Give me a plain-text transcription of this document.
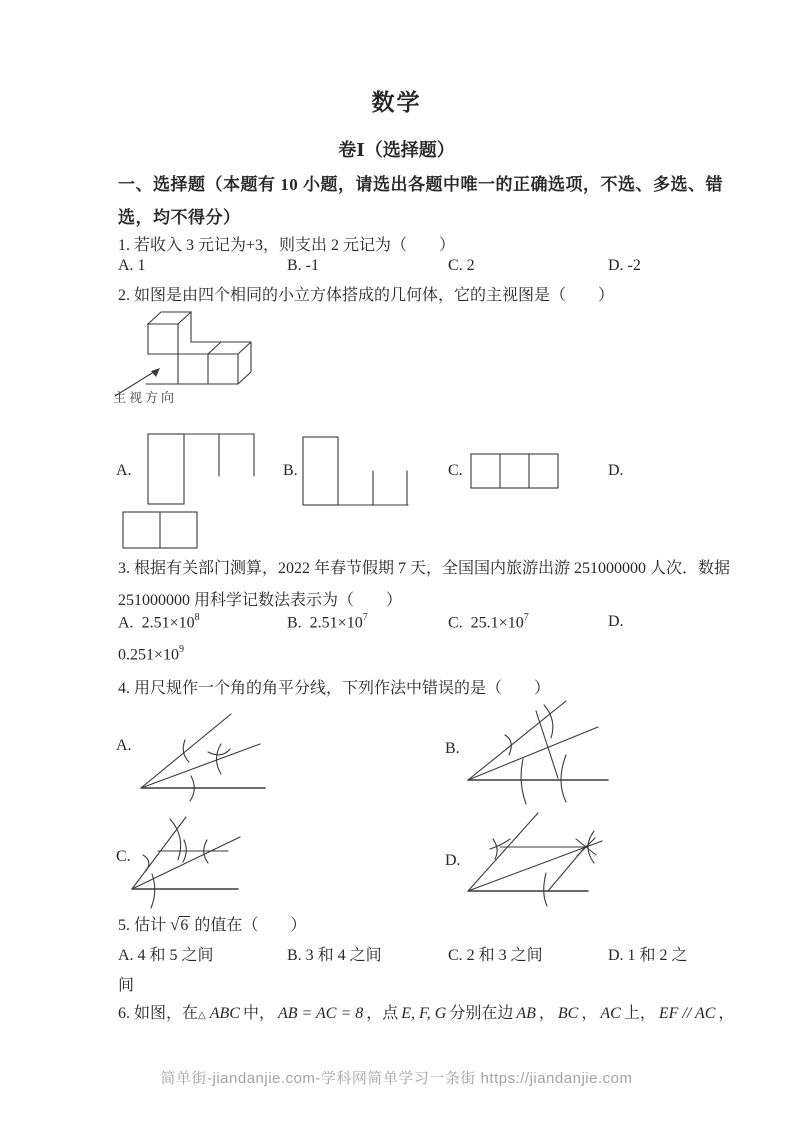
数学
卷Ⅰ（选择题）
一、选择题（本题有 10 小题，请选出各题中唯一的正确选项，不选、多选、错
选，均不得分）
1. 若收入 3 元记为+3，则支出 2 元记为（　　）
A. 1	B. -1	C. 2	D. -2
2. 如图是由四个相同的小立方体搭成的几何体，它的主视图是（　　）
主视方向
A.	B.	C.	D.
3. 根据有关部门测算，2022 年春节假期 7 天，全国国内旅游出游 251000000 人次．数据
251000000 用科学记数法表示为（　　）
A. $2.51\times 10^8$	B. $2.51\times 10^7$	C. $25.1\times 10^7$	D.
$0.251\times 10^9$
4. 用尺规作一个角的角平分线，下列作法中错误的是（　　）
A.	B.
C.	D.
5. 估计 √6 的值在（　　）
A. 4 和 5 之间	B. 3 和 4 之间	C. 2 和 3 之间	D. 1 和 2 之
间
6. 如图，在△ ABC 中， AB = AC = 8 ，点 E, F, G 分别在边 AB ， BC ， AC 上， EF // AC ，
简单街-jiandanjie.com-学科网简单学习一条街 https://jiandanjie.com
